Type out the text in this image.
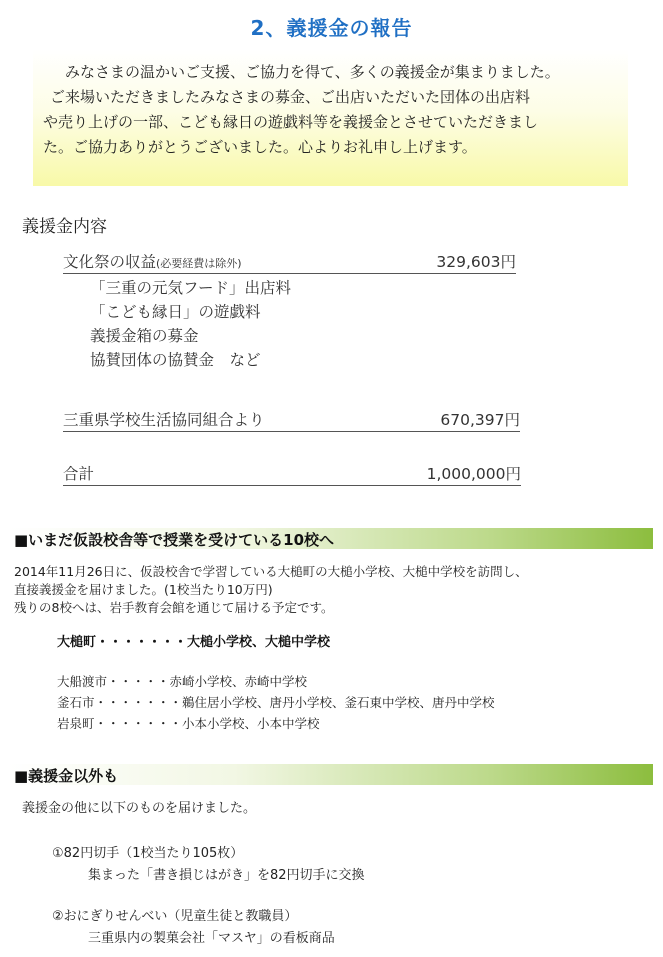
2、義援金の報告
　みなさまの温かいご支援、ご協力を得て、多くの義援金が集まりました。
ご来場いただきましたみなさまの募金、ご出店いただいた団体の出店料
や売り上げの一部、こども縁日の遊戯料等を義援金とさせていただきまし
た。ご協力ありがとうございました。心よりお礼申し上げます。
義援金内容
文化祭の収益(必要経費は除外)	329,603円
「三重の元気フード」出店料
「こども縁日」の遊戯料
義援金箱の募金
協賛団体の協賛金　など
三重県学校生活協同組合より	670,397円
合計	1,000,000円
■いまだ仮設校舎等で授業を受けている10校へ
2014年11月26日に、仮設校舎で学習している大槌町の大槌小学校、大槌中学校を訪問し、
直接義援金を届けました。(1校当たり10万円)
残りの8校へは、岩手教育会館を通じて届ける予定です。
大槌町・・・・・・・大槌小学校、大槌中学校
大船渡市・・・・・赤崎小学校、赤崎中学校
釜石市・・・・・・・鵜住居小学校、唐丹小学校、釜石東中学校、唐丹中学校
岩泉町・・・・・・・小本小学校、小本中学校
■義援金以外も
義援金の他に以下のものを届けました。
①82円切手（1校当たり105枚）
集まった「書き損じはがき」を82円切手に交換
②おにぎりせんべい（児童生徒と教職員）
三重県内の製菓会社「マスヤ」の看板商品
